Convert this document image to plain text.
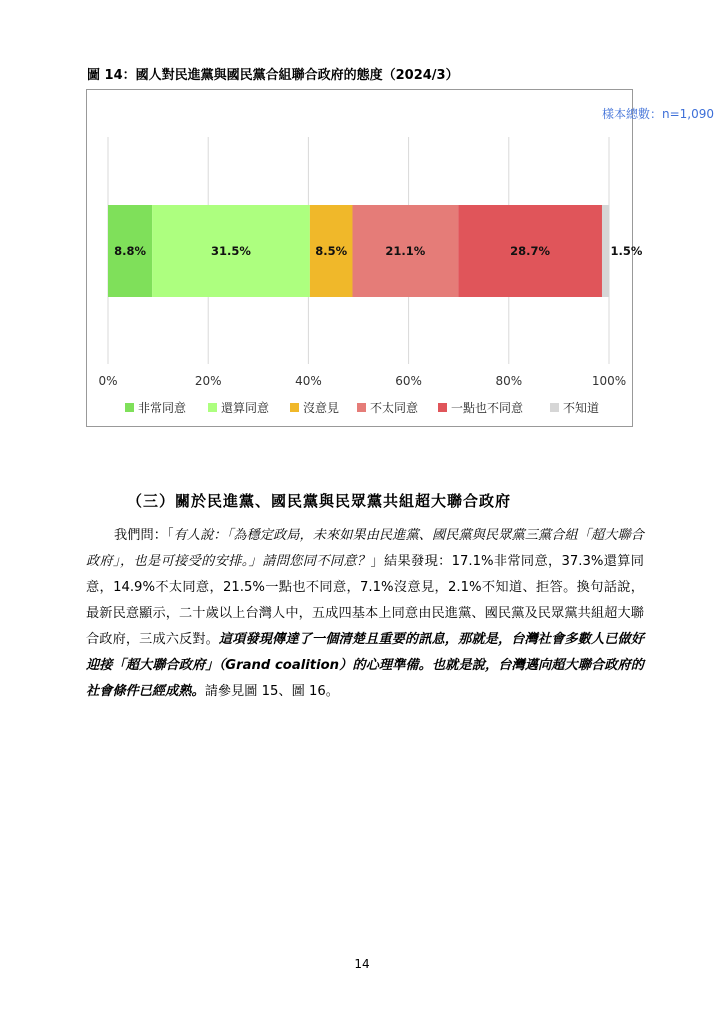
圖 14：國人對民進黨與國民黨合組聯合政府的態度（2024/3）
樣本總數：n=1,090
8.8%	31.5%	8.5%	21.1%	28.7%	1.5%
0%	20%	40%	60%	80%	100%
非常同意	還算同意	沒意見	不太同意	一點也不同意	不知道
（三）關於民進黨、國民黨與民眾黨共組超大聯合政府
我們問：「有人說：「為穩定政局，未來如果由民進黨、國民黨與民眾黨三黨合組「超大聯合政府」，也是可接受的安排。」請問您同不同意？」結果發現：17.1%非常同意，37.3%還算同意，14.9%不太同意，21.5%一點也不同意，7.1%沒意見，2.1%不知道、拒答。換句話說，最新民意顯示，二十歲以上台灣人中，五成四基本上同意由民進黨、國民黨及民眾黨共組超大聯合政府，三成六反對。這項發現傳達了一個清楚且重要的訊息，那就是，台灣社會多數人已做好迎接「超大聯合政府」（Grand coalition）的心理準備。也就是說，台灣邁向超大聯合政府的社會條件已經成熟。請參見圖 15、圖 16。
14
